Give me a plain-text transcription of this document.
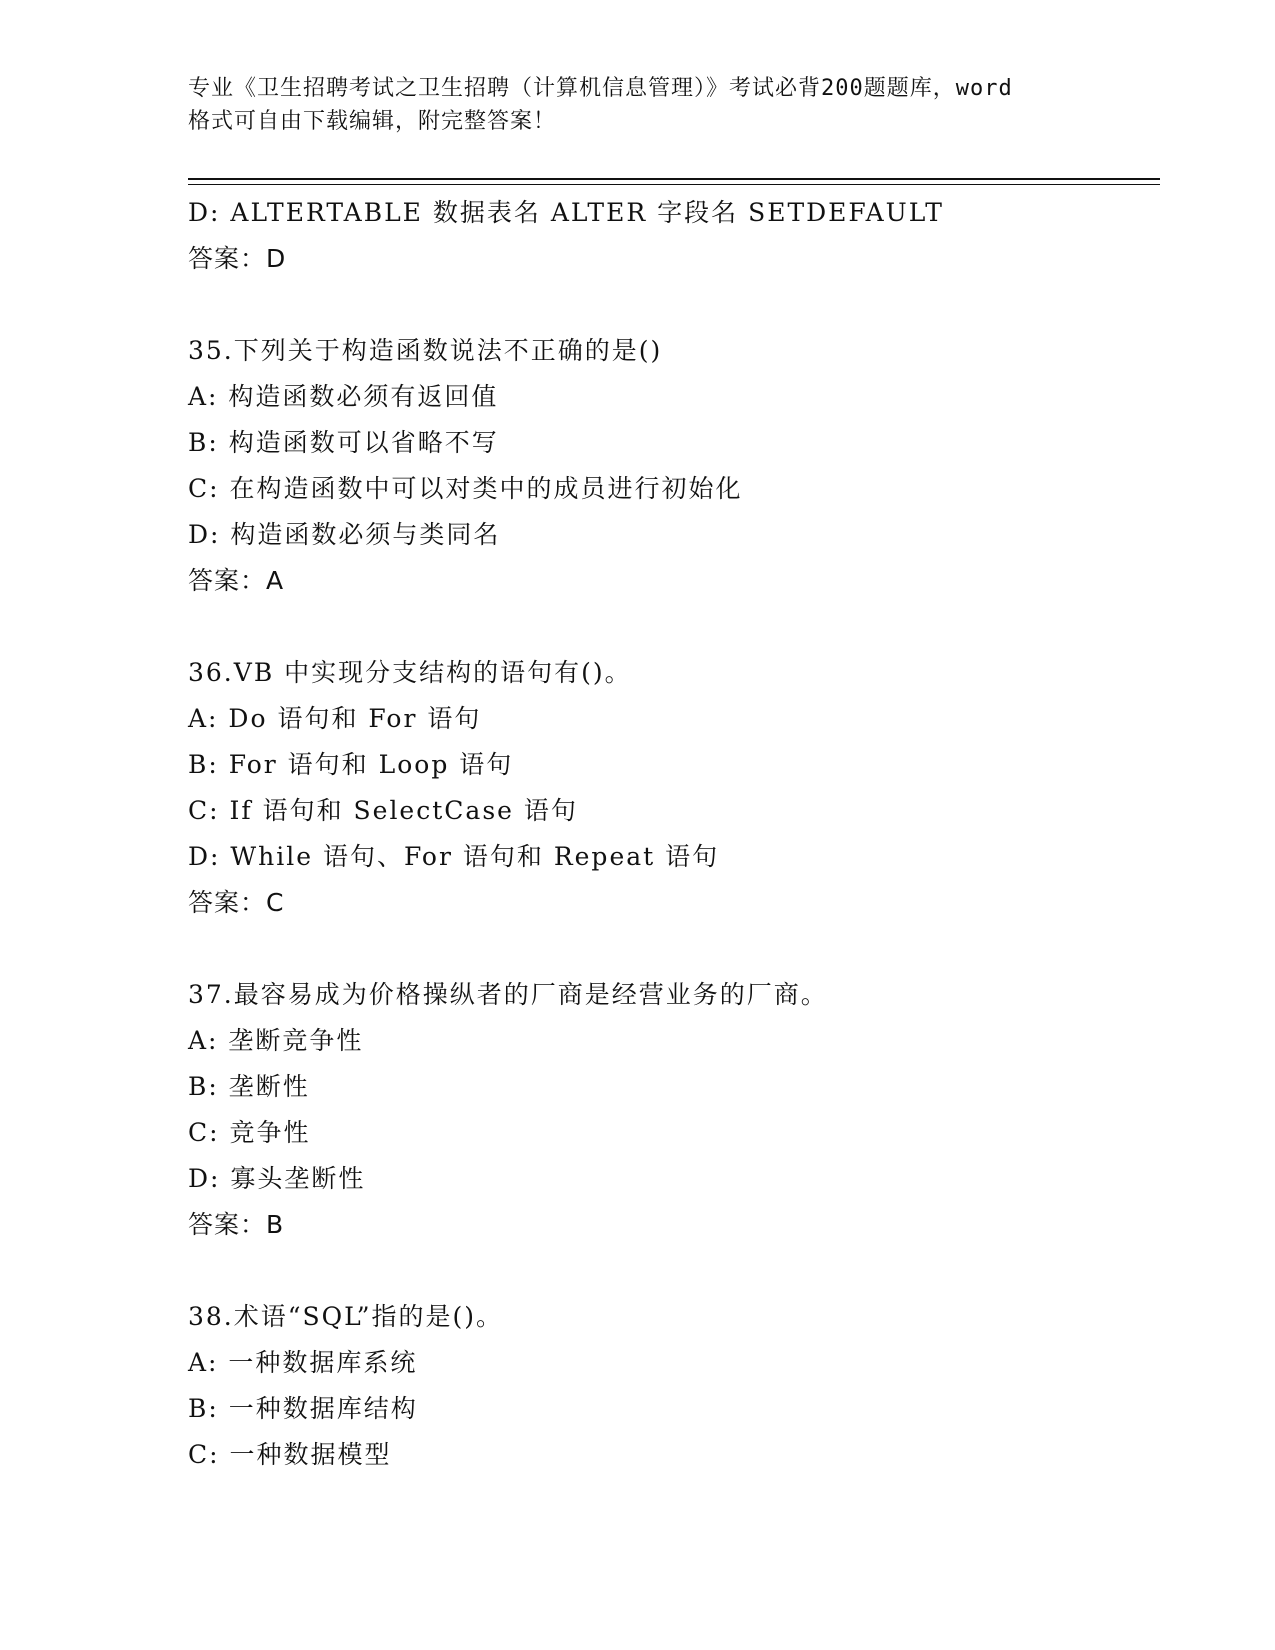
专业《卫生招聘考试之卫生招聘（计算机信息管理）》考试必背200题题库，word
格式可自由下载编辑，附完整答案！
D: ALTERTABLE 数据表名 ALTER 字段名 SETDEFAULT
答案：D
35.下列关于构造函数说法不正确的是()
A: 构造函数必须有返回值
B: 构造函数可以省略不写
C: 在构造函数中可以对类中的成员进行初始化
D: 构造函数必须与类同名
答案：A
36.VB 中实现分支结构的语句有()。
A: Do 语句和 For 语句
B: For 语句和 Loop 语句
C: If 语句和 SelectCase 语句
D: While 语句、For 语句和 Repeat 语句
答案：C
37.最容易成为价格操纵者的厂商是经营业务的厂商。
A: 垄断竞争性
B: 垄断性
C: 竞争性
D: 寡头垄断性
答案：B
38.术语“SQL”指的是()。
A: 一种数据库系统
B: 一种数据库结构
C: 一种数据模型
